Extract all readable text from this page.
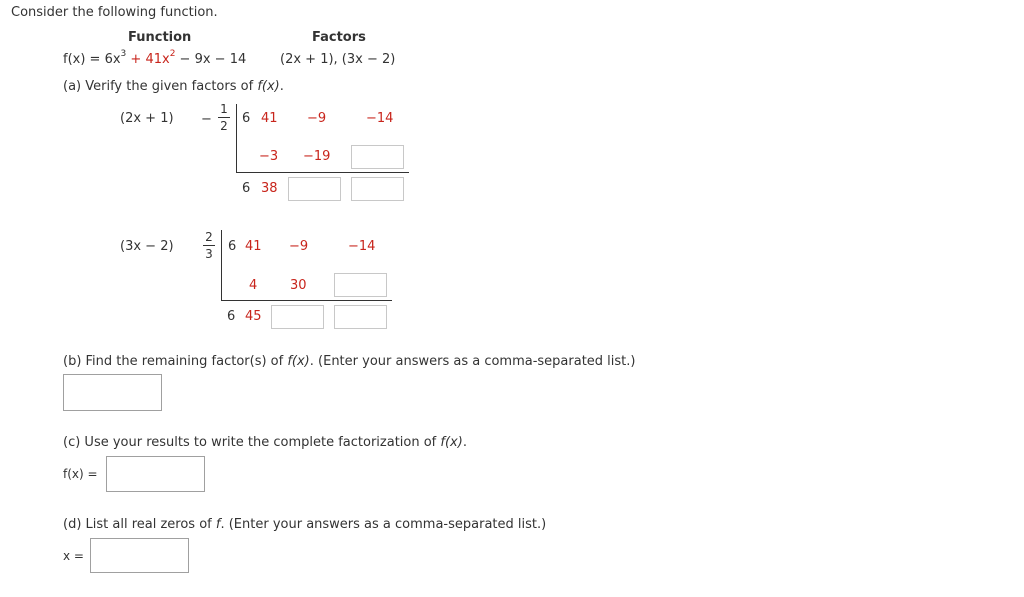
Consider the following function.
Function	Factors
$f(x) = 6x^3 + 41x^2 - 9x - 14$	(2x + 1), (3x − 2)
(a) Verify the given factors of f(x).
(2x + 1) −
1
2 6 41 −9	−14
−3 −19
6 38
(3x − 2)
2
3 6 41 −9	−14
4	30
6 45
(b) Find the remaining factor(s) of f(x). (Enter your answers as a comma-separated list.)
(c) Use your results to write the complete factorization of f(x).
f(x) =
(d) List all real zeros of f. (Enter your answers as a comma-separated list.)
x =
